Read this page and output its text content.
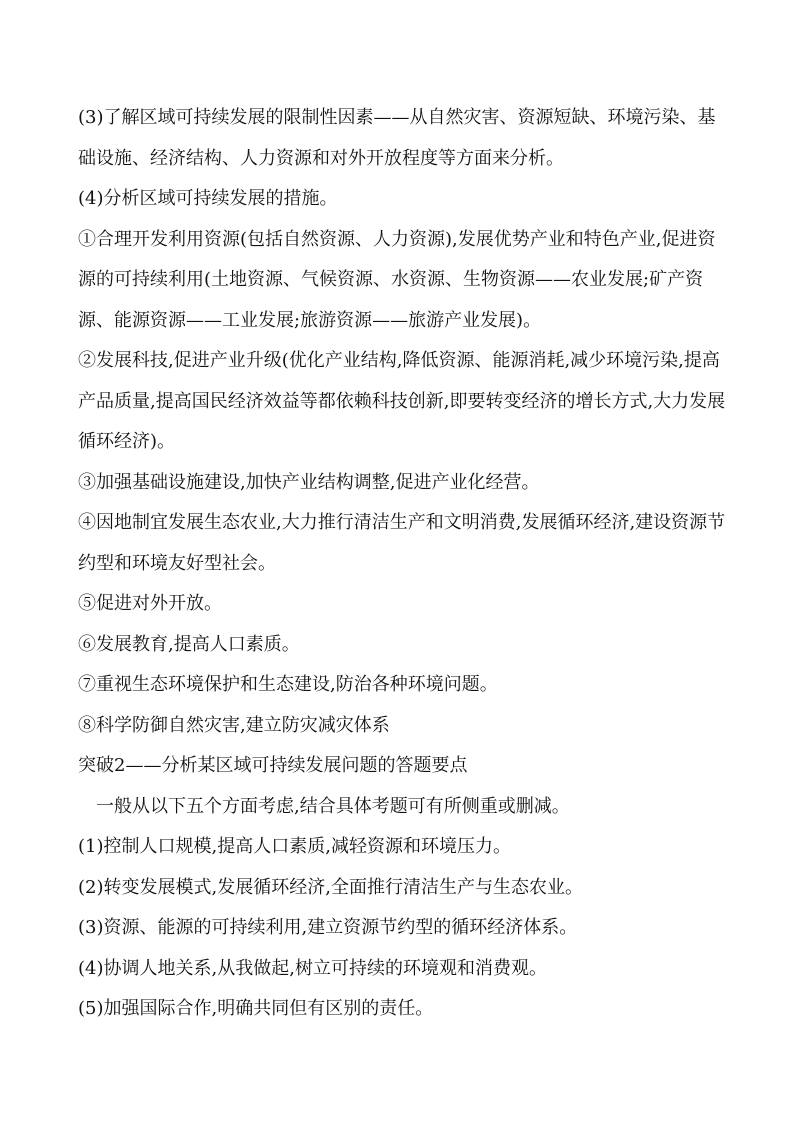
(3)了解区域可持续发展的限制性因素——从自然灾害、资源短缺、环境污染、基础设施、经济结构、人力资源和对外开放程度等方面来分析。

(4)分析区域可持续发展的措施。

①合理开发利用资源(包括自然资源、人力资源),发展优势产业和特色产业,促进资源的可持续利用(土地资源、气候资源、水资源、生物资源——农业发展;矿产资源、能源资源——工业发展;旅游资源——旅游产业发展)。

②发展科技,促进产业升级(优化产业结构,降低资源、能源消耗,减少环境污染,提高产品质量,提高国民经济效益等都依赖科技创新,即要转变经济的增长方式,大力发展循环经济)。

③加强基础设施建设,加快产业结构调整,促进产业化经营。

④因地制宜发展生态农业,大力推行清洁生产和文明消费,发展循环经济,建设资源节约型和环境友好型社会。

⑤促进对外开放。

⑥发展教育,提高人口素质。

⑦重视生态环境保护和生态建设,防治各种环境问题。

⑧科学防御自然灾害,建立防灾减灾体系

突破2——分析某区域可持续发展问题的答题要点

一般从以下五个方面考虑,结合具体考题可有所侧重或删减。

(1)控制人口规模,提高人口素质,减轻资源和环境压力。

(2)转变发展模式,发展循环经济,全面推行清洁生产与生态农业。

(3)资源、能源的可持续利用,建立资源节约型的循环经济体系。

(4)协调人地关系,从我做起,树立可持续的环境观和消费观。

(5)加强国际合作,明确共同但有区别的责任。
